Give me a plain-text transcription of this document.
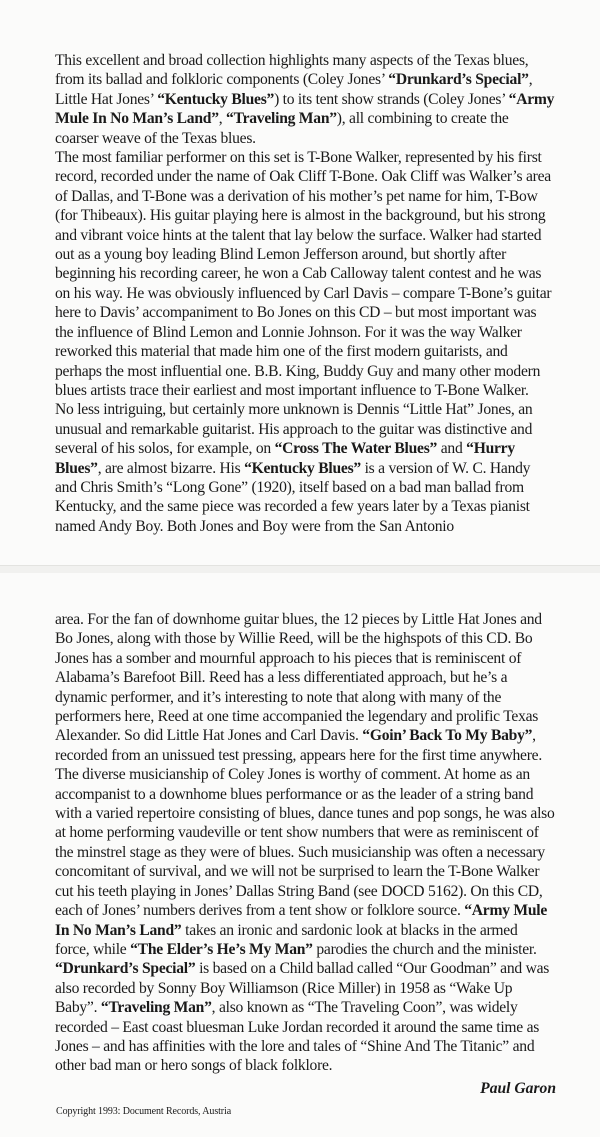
This excellent and broad collection highlights many aspects of the Texas blues, from its ballad and folkloric components (Coley Jones’ “Drunkard’s Special”, Little Hat Jones’ “Kentucky Blues”) to its tent show strands (Coley Jones’ “Army Mule In No Man’s Land”, “Traveling Man”), all combining to create the coarser weave of the Texas blues.

The most familiar performer on this set is T-Bone Walker, represented by his first record, recorded under the name of Oak Cliff T-Bone. Oak Cliff was Walker’s area of Dallas, and T-Bone was a derivation of his mother’s pet name for him, T-Bow (for Thibeaux). His guitar playing here is almost in the background, but his strong and vibrant voice hints at the talent that lay below the surface. Walker had started out as a young boy leading Blind Lemon Jefferson around, but shortly after beginning his recording career, he won a Cab Calloway talent contest and he was on his way. He was obviously influenced by Carl Davis – compare T-Bone’s guitar here to Davis’ accompaniment to Bo Jones on this CD – but most important was the influence of Blind Lemon and Lonnie Johnson. For it was the way Walker reworked this material that made him one of the first modern guitarists, and perhaps the most influential one. B.B. King, Buddy Guy and many other modern blues artists trace their earliest and most important influence to T-Bone Walker.

No less intriguing, but certainly more unknown is Dennis “Little Hat” Jones, an unusual and remarkable guitarist. His approach to the guitar was distinctive and several of his solos, for example, on “Cross The Water Blues” and “Hurry Blues”, are almost bizarre. His “Kentucky Blues” is a version of W. C. Handy and Chris Smith’s “Long Gone” (1920), itself based on a bad man ballad from Kentucky, and the same piece was recorded a few years later by a Texas pianist named Andy Boy. Both Jones and Boy were from the San Antonio

area. For the fan of downhome guitar blues, the 12 pieces by Little Hat Jones and Bo Jones, along with those by Willie Reed, will be the highspots of this CD. Bo Jones has a somber and mournful approach to his pieces that is reminiscent of Alabama’s Barefoot Bill. Reed has a less differentiated approach, but he’s a dynamic performer, and it’s interesting to note that along with many of the performers here, Reed at one time accompanied the legendary and prolific Texas Alexander. So did Little Hat Jones and Carl Davis. “Goin’ Back To My Baby”, recorded from an unissued test pressing, appears here for the first time anywhere.

The diverse musicianship of Coley Jones is worthy of comment. At home as an accompanist to a downhome blues performance or as the leader of a string band with a varied repertoire consisting of blues, dance tunes and pop songs, he was also at home performing vaudeville or tent show numbers that were as reminiscent of the minstrel stage as they were of blues. Such musicianship was often a necessary concomitant of survival, and we will not be surprised to learn the T-Bone Walker cut his teeth playing in Jones’ Dallas String Band (see DOCD 5162). On this CD, each of Jones’ numbers derives from a tent show or folklore source. “Army Mule In No Man’s Land” takes an ironic and sardonic look at blacks in the armed force, while “The Elder’s He’s My Man” parodies the church and the minister. “Drunkard’s Special” is based on a Child ballad called “Our Goodman” and was also recorded by Sonny Boy Williamson (Rice Miller) in 1958 as “Wake Up Baby”. “Traveling Man”, also known as “The Traveling Coon”, was widely recorded – East coast bluesman Luke Jordan recorded it around the same time as Jones – and has affinities with the lore and tales of “Shine And The Titanic” and other bad man or hero songs of black folklore.

Paul Garon
Copyright 1993: Document Records, Austria
